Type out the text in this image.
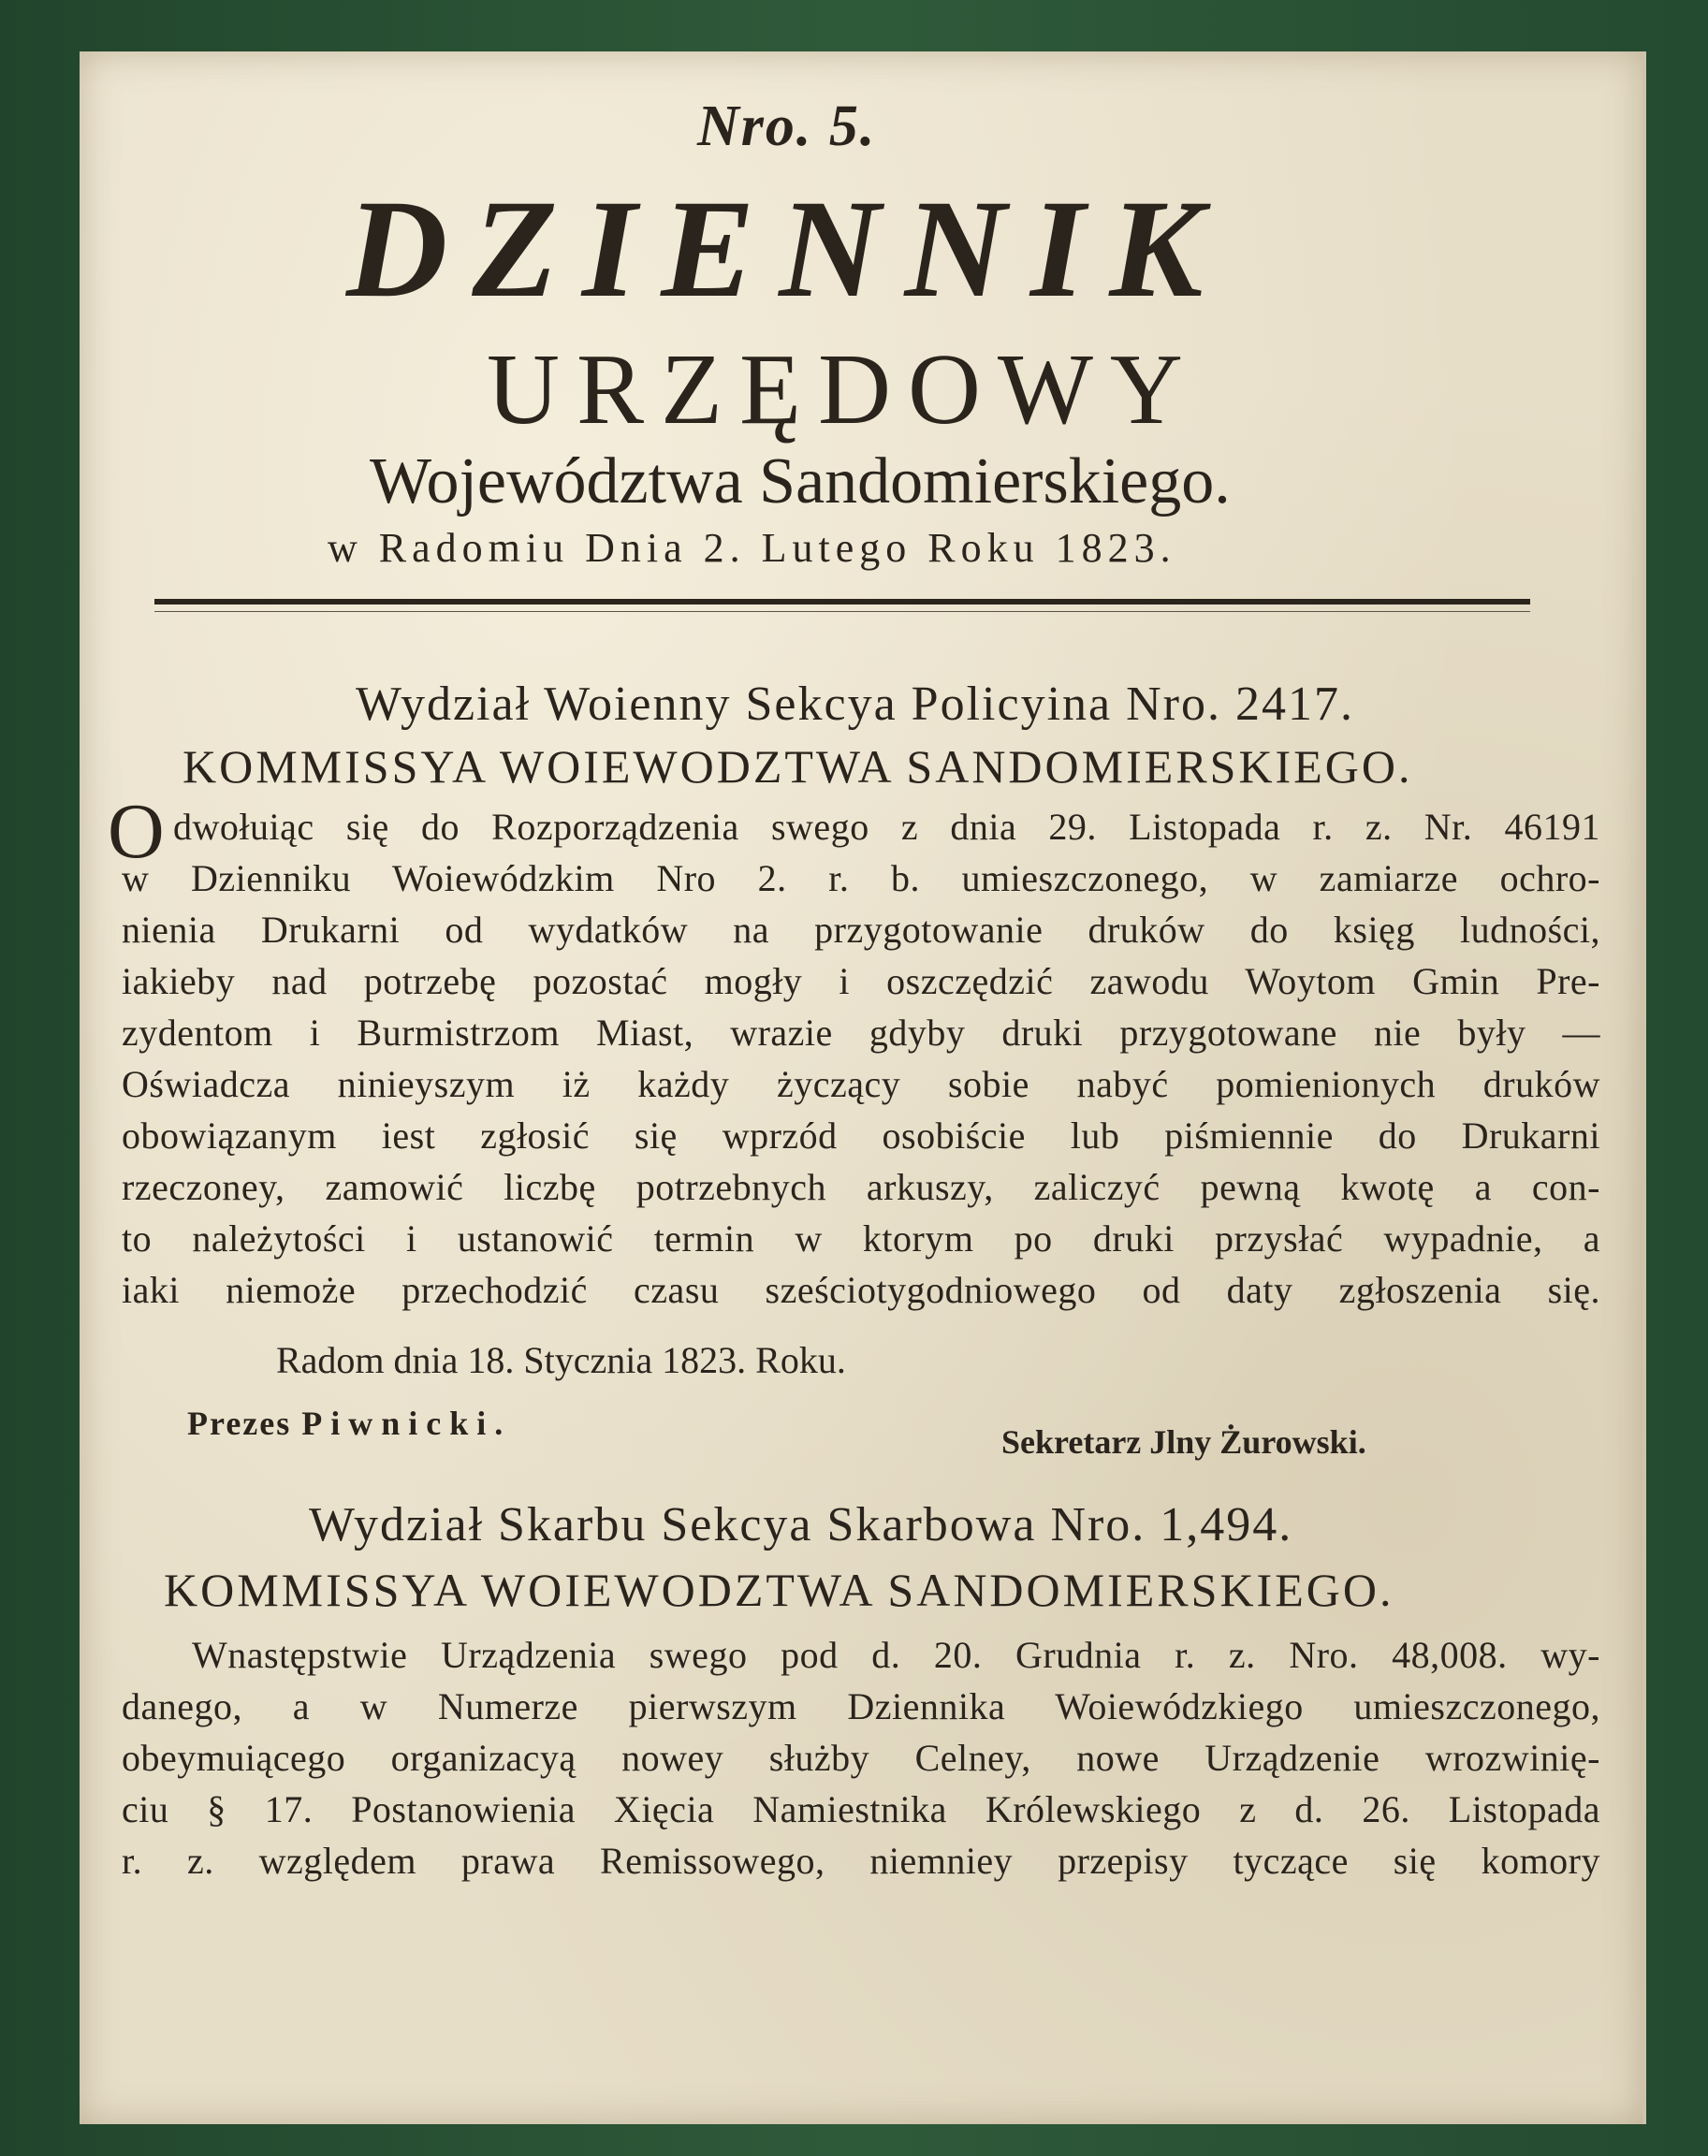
Nro. 5.
DZIENNIK
URZĘDOWY
Województwa Sandomierskiego.
w Radomiu Dnia 2. Lutego Roku 1823.
Wydział Woienny Sekcya Policyina Nro. 2417.
KOMMISSYA WOIEWODZTWA SANDOMIERSKIEGO.
O dwołuiąc się do Rozporządzenia swego z dnia 29. Listopada r. z. Nr. 46191
w Dzienniku Woiewódzkim Nro 2. r. b. umieszczonego, w zamiarze ochro-
nienia Drukarni od wydatków na przygotowanie druków do księg ludności,
iakieby nad potrzebę pozostać mogły i oszczędzić zawodu Woytom Gmin Pre-
zydentom i Burmistrzom Miast, wrazie gdyby druki przygotowane nie były —
Oświadcza ninieyszym iż każdy życzący sobie nabyć pomienionych druków
obowiązanym iest zgłosić się wprzód osobiście lub piśmiennie do Drukarni
rzeczoney, zamowić liczbę potrzebnych arkuszy, zaliczyć pewną kwotę a con-
to należytości i ustanowić termin w ktorym po druki przysłać wypadnie, a
iaki niemoże przechodzić czasu sześciotygodniowego od daty zgłoszenia się.
Radom dnia 18. Stycznia 1823. Roku.
Prezes Piwnicki.	Sekretarz Jlny Żurowski.
Wydział Skarbu Sekcya Skarbowa Nro. 1,494.
KOMMISSYA WOIEWODZTWA SANDOMIERSKIEGO.
Wnastępstwie Urządzenia swego pod d. 20. Grudnia r. z. Nro. 48,008. wy-
danego, a w Numerze pierwszym Dziennika Woiewódzkiego umieszczonego,
obeymuiącego organizacyą nowey służby Celney, nowe Urządzenie wrozwinię-
ciu § 17. Postanowienia Xięcia Namiestnika Królewskiego z d. 26. Listopada
r. z. względem prawa Remissowego, niemniey przepisy tyczące się komory
